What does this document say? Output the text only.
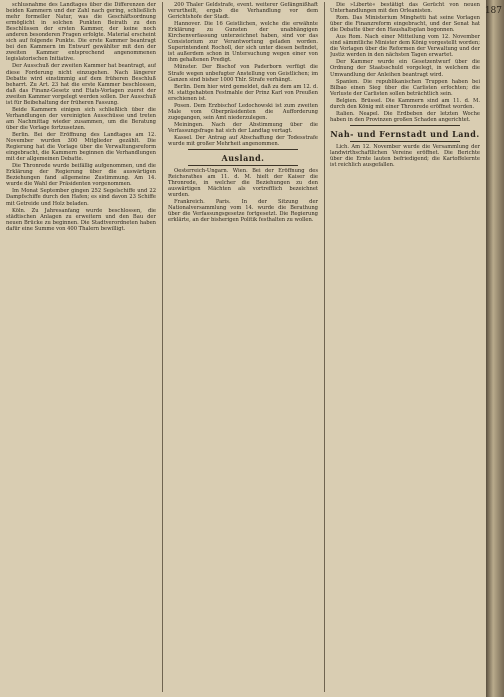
schlusnahme des Landtages über die Differenzen der beiden Kammern und der Zahl nach gering, schließlich mehr formeller Natur, was die Geschäftsordnung ermöglicht in solchen Punkten Beirath zu den Beschlüssen der ersten Kammer, der keine noch anderen besonderen Fragen erfolgte. Material erscheint sich auf folgende Punkte. Die erste Kammer beantragt bei den Kammern im Entwurf gewählter mit den der zweiten Kammer entsprechend angenommenen legislatorischen Initiative.

Der Ausschuß der zweiten Kammer hat beantragt, auf diese Forderung nicht einzugehen. Nach längerer Debatte wird einstimmig auf dem früheren Beschluß beharrt. Zu Art. 23 hat die erste Kammer beschlossen, daß das Finanz-Gesetz und Etats-Vorlagen zuerst der zweiten Kammer vorgelegt werden sollen. Der Ausschuß ist für Beibehaltung der früheren Fassung.

Beide Kammern einigen sich schließlich über die Verhandlungen der vereinigten Ausschüsse und treten am Nachmittag wieder zusammen, um die Beratung über die Vorlage fortzusetzen.

Berlin. Bei der Eröffnung des Landtages am 12. November wurden 300 Mitglieder gezählt. Die Regierung hat die Vorlage über die Verwaltungsreform eingebracht, die Kammern beginnen die Verhandlungen mit der allgemeinen Debatte.

Die Thronrede wurde beifällig aufgenommen, und die Erklärung der Regierung über die auswärtigen Beziehungen fand allgemeine Zustimmung. Am 14. wurde die Wahl der Präsidenten vorgenommen.

Im Monat September gingen 252 Segelschiffe und 22 Dampfschiffe durch den Hafen; es sind davon 23 Schiffe mit Getreide und Holz beladen.

Köln. Zu Jahresanfang wurde beschlossen, die städtischen Anlagen zu erweitern und den Bau der neuen Brücke zu beginnen. Die Stadtverordneten haben dafür eine Summe von 400 Thalern bewilligt.

200 Thaler Geldstrafe, event. weiterer Gefängnißhaft verurtheilt, ergab die Verhandlung vor dem Gerichtshofe der Stadt.

Hannover. Die 16 Geistlichen, welche die erwähnte Erklärung zu Gunsten der unabhängigen Kirchenverfassung unterzeichnet haben, sind vor das Consistorium zur Verantwortung geladen worden. Superintendent Rocholl, der sich unter diesen befindet, ist außerdem schon in Untersuchung wegen einer von ihm gehaltenen Predigt.

Münster. Der Bischof von Paderborn verfügt die Strafe wegen unbefugter Anstellung von Geistlichen; im Ganzen sind bisher 1000 Thlr. Strafe verhängt.

Berlin. Dem hier wird gemeldet, daß zu dem am 12. d. M. stattgehabten Festmahle der Prinz Karl von Preußen erschienen ist.

Posen. Dem Erzbischof Ledochowski ist zum zweiten Male vom Oberpräsidenten die Aufforderung zugegangen, sein Amt niederzulegen.

Meiningen. Nach der Abstimmung über die Verfassungsfrage hat sich der Landtag vertagt.

Kassel. Der Antrag auf Abschaffung der Todesstrafe wurde mit großer Mehrheit angenommen.

Ausland.

Oesterreich-Ungarn. Wien. Bei der Eröffnung des Reichsrathes am 11. d. M. hielt der Kaiser die Thronrede, in welcher die Beziehungen zu den auswärtigen Mächten als vortrefflich bezeichnet wurden.

Frankreich. Paris. In der Sitzung der Nationalversammlung vom 14. wurde die Berathung über die Verfassungsgesetze fortgesetzt. Die Regierung erklärte, an der bisherigen Politik festhalten zu wollen.

Die »Liberté« bestätigt das Gerücht von neuen Unterhandlungen mit den Orleanisten.

Rom. Das Ministerium Minghetti hat seine Vorlagen über die Finanzreform eingebracht, und der Senat hat die Debatte über den Haushaltsplan begonnen.

Aus Rom. Nach einer Mitteilung vom 12. November sind sämmtliche Minister dem König vorgestellt worden; die Vorlagen über die Reformen der Verwaltung und der Justiz werden in den nächsten Tagen erwartet.

Der Kammer wurde ein Gesetzentwurf über die Ordnung der Staatsschuld vorgelegt, in welchem die Umwandlung der Anleihen beantragt wird.

Spanien. Die republikanischen Truppen haben bei Bilbao einen Sieg über die Carlisten erfochten; die Verluste der Carlisten sollen beträchtlich sein.

Belgien. Brüssel. Die Kammern sind am 11. d. M. durch den König mit einer Thronrede eröffnet worden.

Italien. Neapel. Die Erdbeben der letzten Woche haben in den Provinzen großen Schaden angerichtet.

Nah- und Fernstadt und Land.

Lich. Am 12. November wurde die Versammlung der landwirthschaftlichen Vereine eröffnet. Die Berichte über die Ernte lauten befriedigend; die Kartoffelernte ist reichlich ausgefallen.

187
